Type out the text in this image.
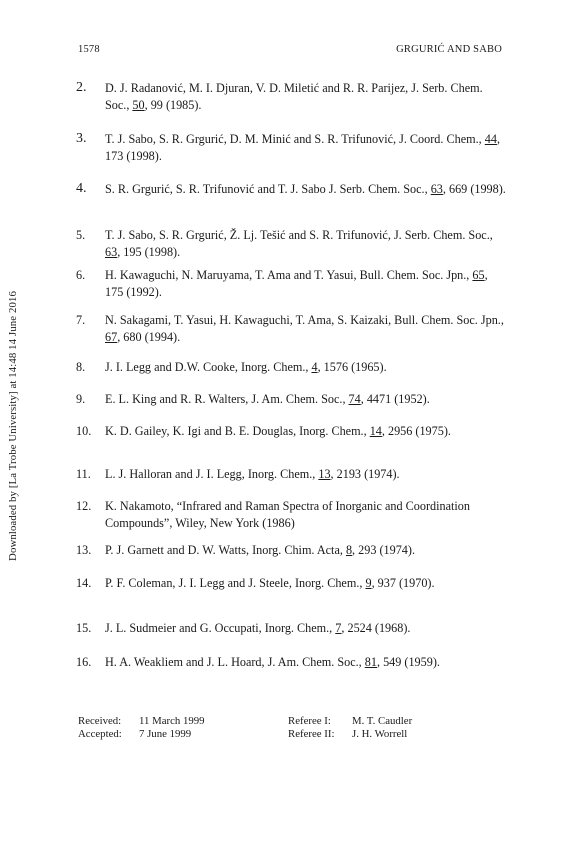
1578	GRGURIĆ AND SABO
Downloaded by [La Trobe University] at 14:48 14 June 2016
2.	D. J. Radanović, M. I. Djuran, V. D. Miletić and R. R. Parijez, J. Serb. Chem. Soc., 50, 99 (1985).
3.	T. J. Sabo, S. R. Grgurić, D. M. Minić and S. R. Trifunović, J. Coord. Chem., 44, 173 (1998).
4.	S. R. Grgurić, S. R. Trifunović and T. J. Sabo J. Serb. Chem. Soc., 63, 669 (1998).
5.	T. J. Sabo, S. R. Grgurić, Ž. Lj. Tešić and S. R. Trifunović, J. Serb. Chem. Soc., 63, 195 (1998).
6.	H. Kawaguchi, N. Maruyama, T. Ama and T. Yasui, Bull. Chem. Soc. Jpn., 65, 175 (1992).
7.	N. Sakagami, T. Yasui, H. Kawaguchi, T. Ama, S. Kaizaki, Bull. Chem. Soc. Jpn., 67, 680 (1994).
8.	J. I. Legg and D.W. Cooke, Inorg. Chem., 4, 1576 (1965).
9.	E. L. King and R. R. Walters, J. Am. Chem. Soc., 74, 4471 (1952).
10.	K. D. Gailey, K. Igi and B. E. Douglas, Inorg. Chem., 14, 2956 (1975).
11.	L. J. Halloran and J. I. Legg, Inorg. Chem., 13, 2193 (1974).
12.	K. Nakamoto, “Infrared and Raman Spectra of Inorganic and Coordination Compounds”, Wiley, New York (1986)
13.	P. J. Garnett and D. W. Watts, Inorg. Chim. Acta, 8, 293 (1974).
14.	P. F. Coleman, J. I. Legg and J. Steele, Inorg. Chem., 9, 937 (1970).
15.	J. L. Sudmeier and G. Occupati, Inorg. Chem., 7, 2524 (1968).
16.	H. A. Weakliem and J. L. Hoard, J. Am. Chem. Soc., 81, 549 (1959).
Received: 11 March 1999
Accepted: 7 June 1999
Referee I: M. T. Caudler
Referee II: J. H. Worrell
